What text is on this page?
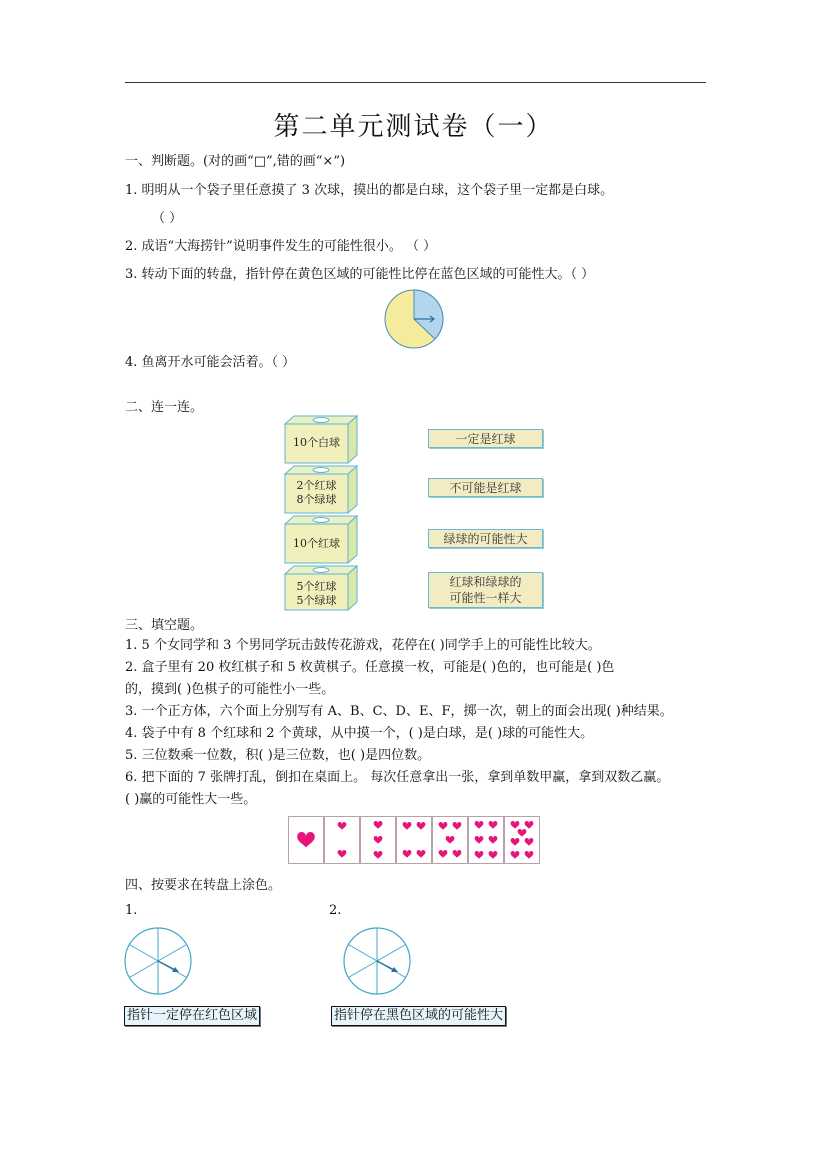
第二单元测试卷（一）
一、判断题。(对的画“□”,错的画“×”)
1. 明明从一个袋子里任意摸了 3 次球，摸出的都是白球，这个袋子里一定都是白球。
（ ）
2. 成语“大海捞针”说明事件发生的可能性很小。 （ ）
3. 转动下面的转盘，指针停在黄色区域的可能性比停在蓝色区域的可能性大。（ ）
4. 鱼离开水可能会活着。（ ）
二、连一连。
10个白球
2个红球
8个绿球
10个红球
5个红球
5个绿球
一定是红球
不可能是红球
绿球的可能性大
红球和绿球的
可能性一样大
三、填空题。
1. 5 个女同学和 3 个男同学玩击鼓传花游戏，花停在( )同学手上的可能性比较大。
2. 盒子里有 20 枚红棋子和 5 枚黄棋子。任意摸一枚，可能是( )色的，也可能是( )色
的，摸到( )色棋子的可能性小一些。
3. 一个正方体，六个面上分别写有 A、B、C、D、E、F，掷一次，朝上的面会出现( )种结果。
4. 袋子中有 8 个红球和 2 个黄球，从中摸一个，( )是白球，是( )球的可能性大。
5. 三位数乘一位数，积( )是三位数，也( )是四位数。
6. 把下面的 7 张牌打乱，倒扣在桌面上。 每次任意拿出一张，拿到单数甲赢，拿到双数乙赢。
( )赢的可能性大一些。
四、按要求在转盘上涂色。
1.	2.
指针一定停在红色区域	指针停在黑色区域的可能性大
